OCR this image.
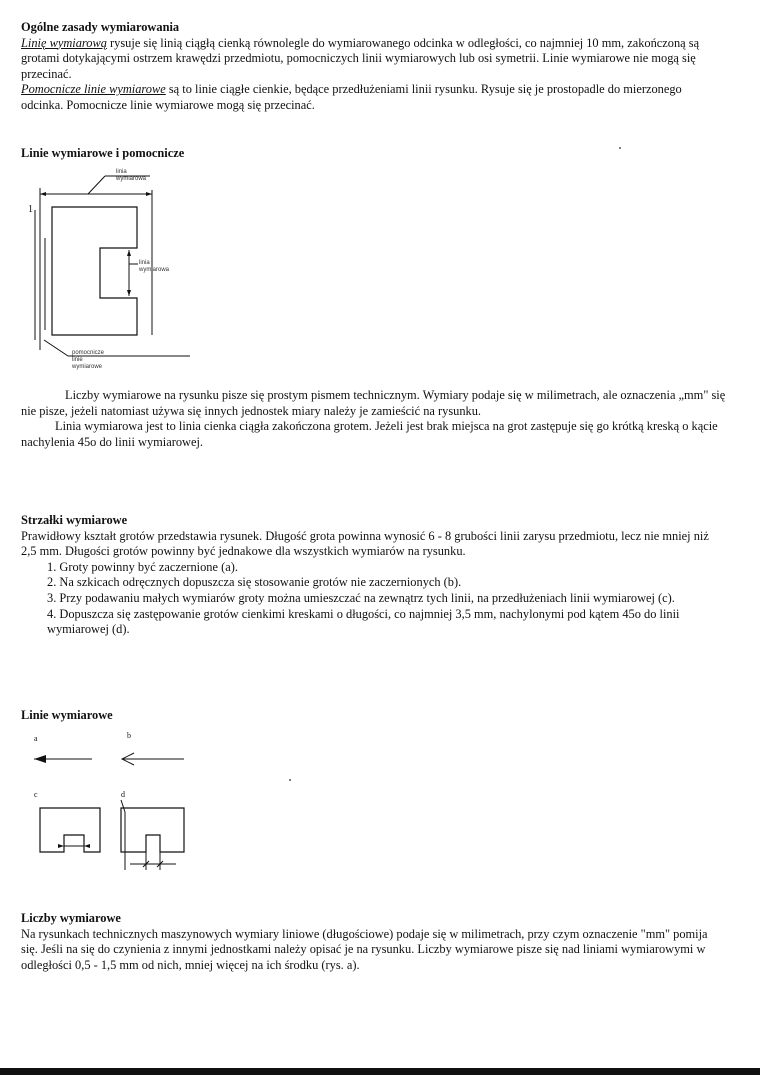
Ogólne zasady wymiarowania

Linię wymiarową rysuje się linią ciągłą cienką równolegle do wymiarowanego odcinka w odległości, co najmniej 10 mm, zakończoną są grotami dotykającymi ostrzem krawędzi przedmiotu, pomocniczych linii wymiarowych lub osi symetrii. Linie wymiarowe nie mogą się przecinać.

Pomocnicze linie wymiarowe są to linie ciągłe cienkie, będące przedłużeniami linii rysunku. Rysuje się je prostopadle do mierzonego odcinka. Pomocnicze linie wymiarowe mogą się przecinać.

Linie wymiarowe i pomocnicze

linia wymiarowa
linia wymiarowa
pomocnicze linie wymiarowe
1

Liczby wymiarowe na rysunku pisze się prostym pismem technicznym. Wymiary podaje się w milimetrach, ale oznaczenia „mm" się nie pisze, jeżeli natomiast używa się innych jednostek miary należy je zamieścić na rysunku.

Linia wymiarowa jest to linia cienka ciągła zakończona grotem. Jeżeli jest brak miejsca na grot zastępuje się go krótką kreską o kącie nachylenia 45o do linii wymiarowej.

Strzałki wymiarowe

Prawidłowy kształt grotów przedstawia rysunek. Długość grota powinna wynosić 6 - 8 grubości linii zarysu przedmiotu, lecz nie mniej niż 2,5 mm. Długości grotów powinny być jednakowe dla wszystkich wymiarów na rysunku.

1. Groty powinny być zaczernione (a).

2. Na szkicach odręcznych dopuszcza się stosowanie grotów nie zaczernionych (b).

3. Przy podawaniu małych wymiarów groty można umieszczać na zewnątrz tych linii, na przedłużeniach linii wymiarowej (c).

4. Dopuszcza się zastępowanie grotów cienkimi kreskami o długości, co najmniej 3,5 mm, nachylonymi pod kątem 45o do linii wymiarowej (d).

Linie wymiarowe

a	b
c	d

Liczby wymiarowe

Na rysunkach technicznych maszynowych wymiary liniowe (długościowe) podaje się w milimetrach, przy czym oznaczenie "mm" pomija się. Jeśli na się do czynienia z innymi jednostkami należy opisać je na rysunku. Liczby wymiarowe pisze się nad liniami wymiarowymi w odległości 0,5 - 1,5 mm od nich, mniej więcej na ich środku (rys. a).
